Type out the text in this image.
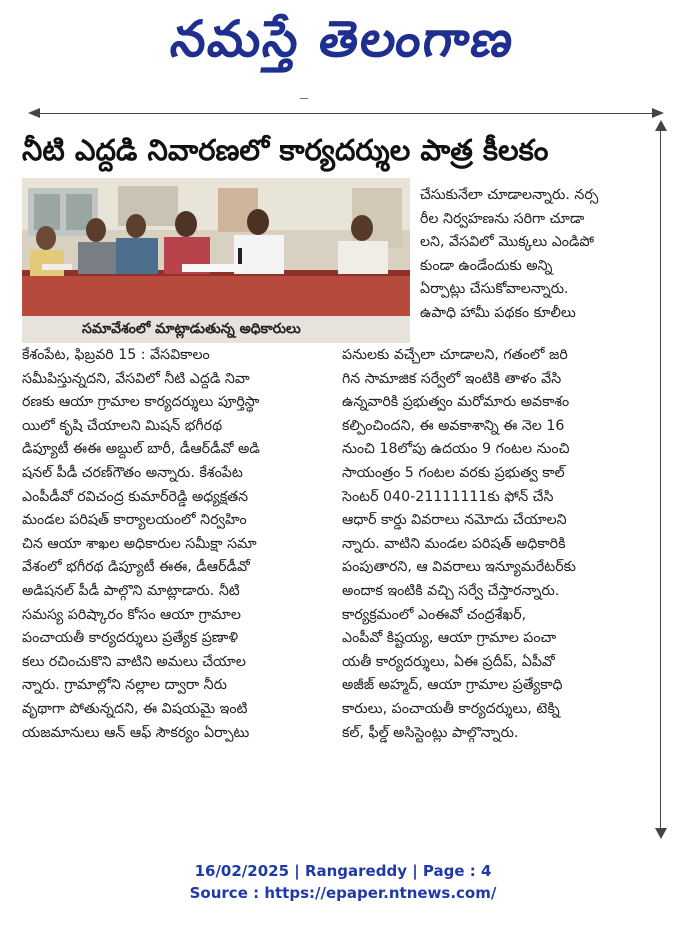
నమస్తే తెలంగాణ
నీటి ఎద్దడి నివారణలో కార్యదర్శుల పాత్ర కీలకం
సమావేశంలో మాట్లాడుతున్న అధికారులు
చేసుకునేలా చూడాలన్నారు. నర్స
రీల నిర్వహణను సరిగా చూడా
లని, వేసవిలో మొక్కలు ఎండిపో
కుండా ఉండేందుకు అన్ని
ఏర్పాట్లు చేసుకోవాలన్నారు.
ఉపాధి హామీ పథకం కూలీలు
కేశంపేట, ఫిబ్రవరి 15 : వేసవికాలం
సమీపిస్తున్నదని, వేసవిలో నీటి ఎద్దడి నివా
రణకు ఆయా గ్రామాల కార్యదర్శులు పూర్తిస్థా
యిలో కృషి చేయాలని మిషన్ భగీరథ
డిప్యూటీ ఈఈ అబ్దుల్ బారీ, డీఆర్‌డీవో అడి
షనల్ పీడీ చరణ్‌గౌతం అన్నారు. కేశంపేట
ఎంపీడీవో రవిచంద్ర కుమార్‌రెడ్డి అధ్యక్షతన
మండల పరిషత్ కార్యాలయంలో నిర్వహిం
చిన ఆయా శాఖల అధికారుల సమీక్షా సమా
వేశంలో భగీరథ డిప్యూటీ ఈఈ, డీఆర్‌డీవో
అడిషనల్ పీడీ పాల్గొని మాట్లాడారు. నీటి
సమస్య పరిష్కారం కోసం ఆయా గ్రామాల
పంచాయతీ కార్యదర్శులు ప్రత్యేక ప్రణాళి
కలు రచించుకొని వాటిని అమలు చేయాల
న్నారు. గ్రామాల్లోని నల్లాల ద్వారా నీరు
వృథాగా పోతున్నదని, ఈ విషయమై ఇంటి
యజమానులు ఆన్ ఆఫ్ సౌకర్యం ఏర్పాటు
పనులకు వచ్చేలా చూడాలని, గతంలో జరి
గిన సామాజిక సర్వేలో ఇంటికి తాళం వేసి
ఉన్నవారికి ప్రభుత్వం మరోమారు అవకాశం
కల్పించిందని, ఈ అవకాశాన్ని ఈ నెల 16
నుంచి 18లోపు ఉదయం 9 గంటల నుంచి
సాయంత్రం 5 గంటల వరకు ప్రభుత్వ కాల్
సెంటర్ 040-21111111కు ఫోన్ చేసి
ఆధార్ కార్డు వివరాలు నమోదు చేయాలని
న్నారు. వాటిని మండల పరిషత్ అధికారికి
పంపుతారని, ఆ వివరాలు ఇన్యూమరేటర్‌కు
అందాక ఇంటికి వచ్చి సర్వే చేస్తారన్నారు.
కార్యక్రమంలో ఎంఈవో చంద్రశేఖర్,
ఎంపీవో కిష్టయ్య, ఆయా గ్రామాల పంచా
యతీ కార్యదర్శులు, ఏఈ ప్రదీప్, ఏపీవో
అజీజ్ అహ్మద్, ఆయా గ్రామాల ప్రత్యేకాధి
కారులు, పంచాయతీ కార్యదర్శులు, టెక్ని
కల్, ఫీల్డ్ అసిస్టెంట్లు పాల్గొన్నారు.
16/02/2025 | Rangareddy | Page : 4
Source : https://epaper.ntnews.com/
